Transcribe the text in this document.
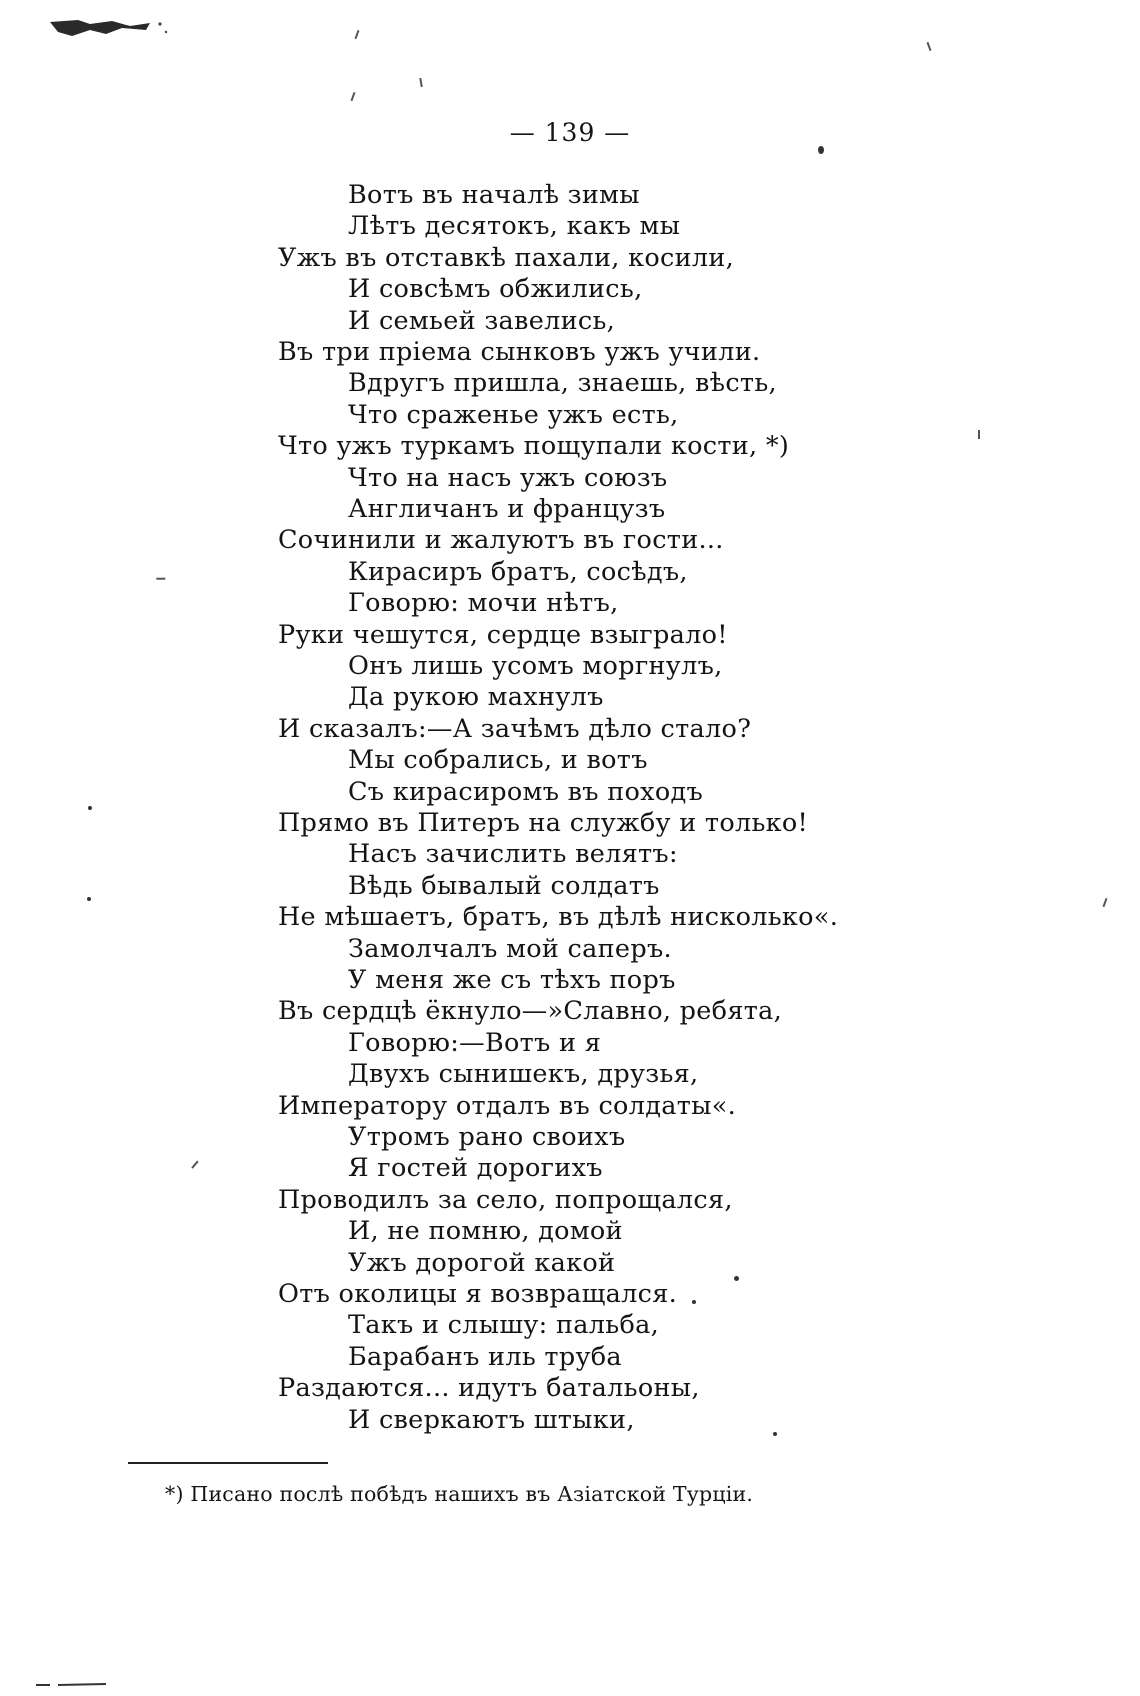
— 139 —
Вотъ въ началѣ зимы
Лѣтъ десятокъ, какъ мы
Ужъ въ отставкѣ пахали, косили,
И совсѣмъ обжились,
И семьей завелись,
Въ три пріема сынковъ ужъ учили.
Вдругъ пришла, знаешь, вѣсть,
Что сраженье ужъ есть,
Что ужъ туркамъ пощупали кости, *)
Что на насъ ужъ союзъ
Англичанъ и французъ
Сочинили и жалуютъ въ гости...
Кирасиръ братъ, сосѣдъ,
Говорю: мочи нѣтъ,
Руки чешутся, сердце взыграло!
Онъ лишь усомъ моргнулъ,
Да рукою махнулъ
И сказалъ:—А зачѣмъ дѣло стало?
Мы собрались, и вотъ
Съ кирасиромъ въ походъ
Прямо въ Питеръ на службу и только!
Насъ зачислить велятъ:
Вѣдь бывалый солдатъ
Не мѣшаетъ, братъ, въ дѣлѣ нисколько«.
Замолчалъ мой саперъ.
У меня же съ тѣхъ поръ
Въ сердцѣ ёкнуло—»Славно, ребята,
Говорю:—Вотъ и я
Двухъ сынишекъ, друзья,
Императору отдалъ въ солдаты«.
Утромъ рано своихъ
Я гостей дорогихъ
Проводилъ за село, попрощался,
И, не помню, домой
Ужъ дорогой какой
Отъ околицы я возвращался.
Такъ и слышу: пальба,
Барабанъ иль труба
Раздаются... идутъ батальоны,
И сверкаютъ штыки,
*) Писано послѣ побѣдъ нашихъ въ Азіатской Турціи.
